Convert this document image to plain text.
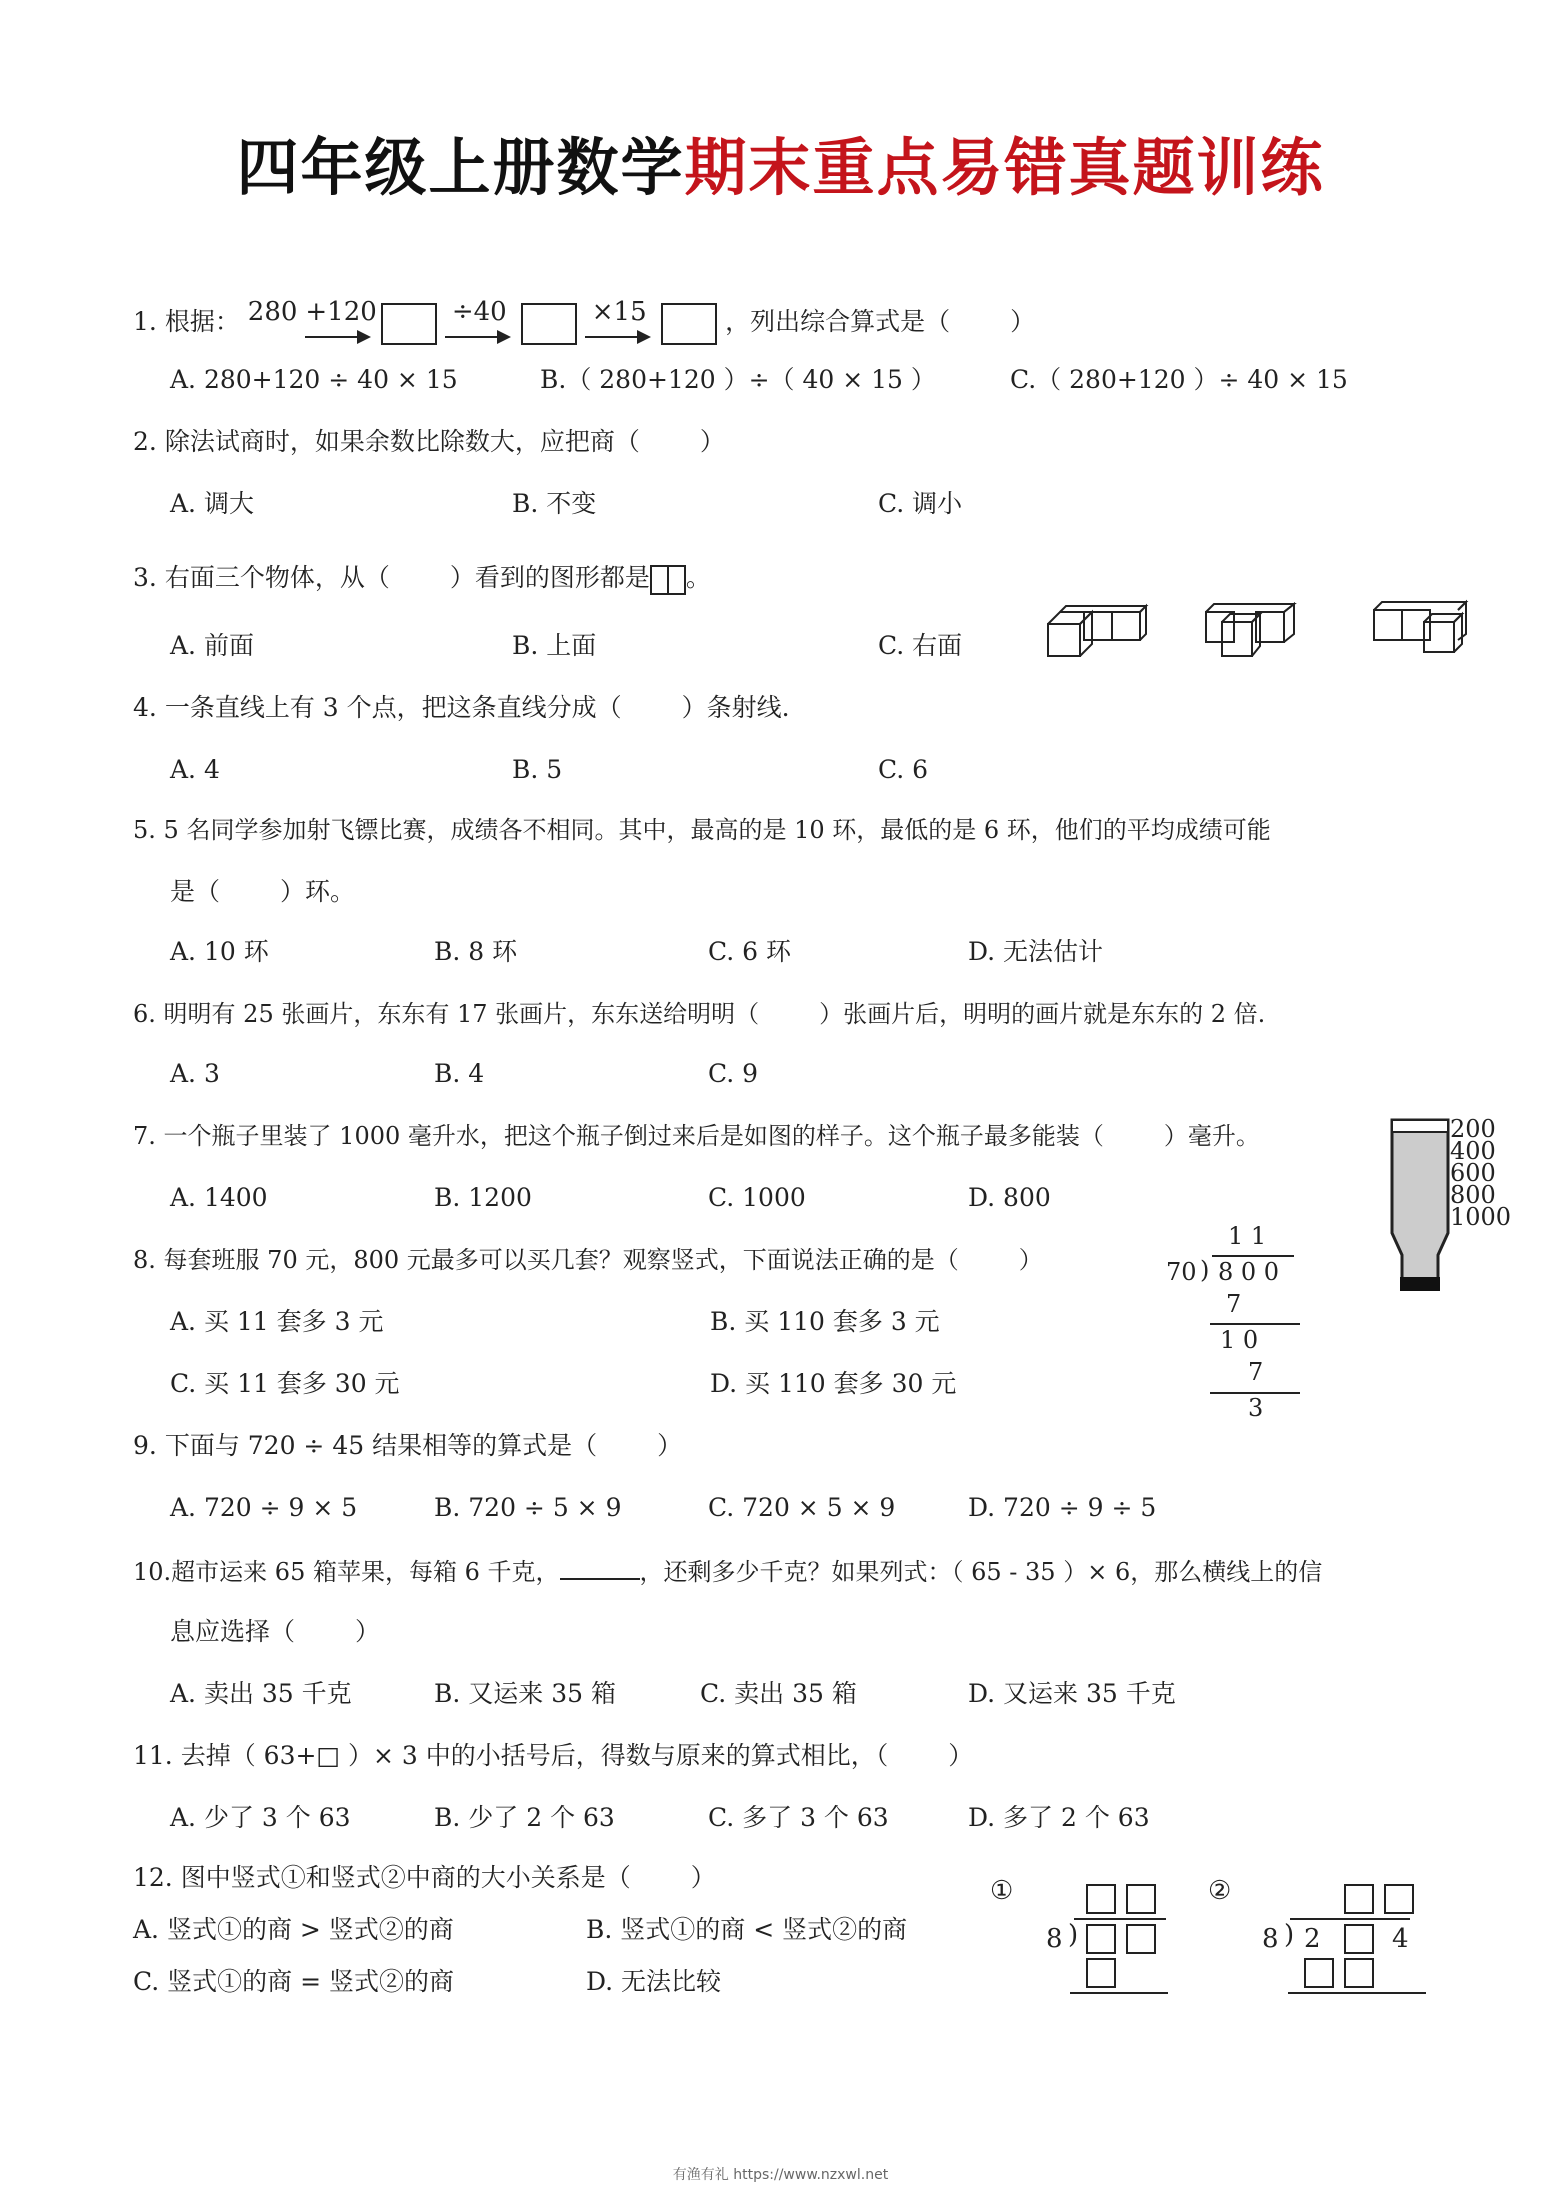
四年级上册数学期末重点易错真题训练
1. 根据： 280 +120
	÷40
	×15	，列出综合算式是（ ）
A. 280+120 ÷ 40 × 15	B.（ 280+120 ）÷（ 40 × 15 ）	C.（ 280+120 ）÷ 40 × 15
2. 除法试商时，如果余数比除数大，应把商（ ）
A. 调大	B. 不变	C. 调小
3. 右面三个物体，从（ ）看到的图形都是 。
A. 前面	B. 上面	C. 右面
4. 一条直线上有 3 个点，把这条直线分成（ ）条射线.
A. 4	B. 5	C. 6
5. 5 名同学参加射飞镖比赛，成绩各不相同。其中，最高的是 10 环，最低的是 6 环，他们的平均成绩可能
是（ ）环。
A. 10 环	B. 8 环	C. 6 环	D. 无法估计
6. 明明有 25 张画片，东东有 17 张画片，东东送给明明（	）张画片后，明明的画片就是东东的 2 倍.
A. 3	B. 4	C. 9
7. 一个瓶子里装了 1000 毫升水，把这个瓶子倒过来后是如图的样子。这个瓶子最多能装（	）毫升。
A. 1400	B. 1200	C. 1000	D. 800
200
400
600
800
1000
8. 每套班服 70 元，800 元最多可以买几套？观察竖式，下面说法正确的是（	）
A. 买 11 套多 3 元	B. 买 110 套多 3 元
C. 买 11 套多 30 元	D. 买 110 套多 30 元
1 1
70 ) 8 0 0
7
1 0
7
3
9. 下面与 720 ÷ 45 结果相等的算式是（ ）
A. 720 ÷ 9 × 5	B. 720 ÷ 5 × 9	C. 720 × 5 × 9	D. 720 ÷ 9 ÷ 5
10.超市运来 65 箱苹果，每箱 6 千克，	，还剩多少千克？如果列式：（ 65 - 35 ）× 6，那么横线上的信
息应选择（ ）
A. 卖出 35 千克	B. 又运来 35 箱	C. 卖出 35 箱	D. 又运来 35 千克
11. 去掉（ 63+□ ）× 3 中的小括号后，得数与原来的算式相比，（ ）
A. 少了 3 个 63	B. 少了 2 个 63	C. 多了 3 个 63	D. 多了 2 个 63
12. 图中竖式①和竖式②中商的大小关系是（ ）
A. 竖式①的商 > 竖式②的商	B. 竖式①的商 < 竖式②的商
C. 竖式①的商 = 竖式②的商	D. 无法比较
①
8 )
②
8 ) 2	4
有渔有礼 https://www.nzxwl.net
